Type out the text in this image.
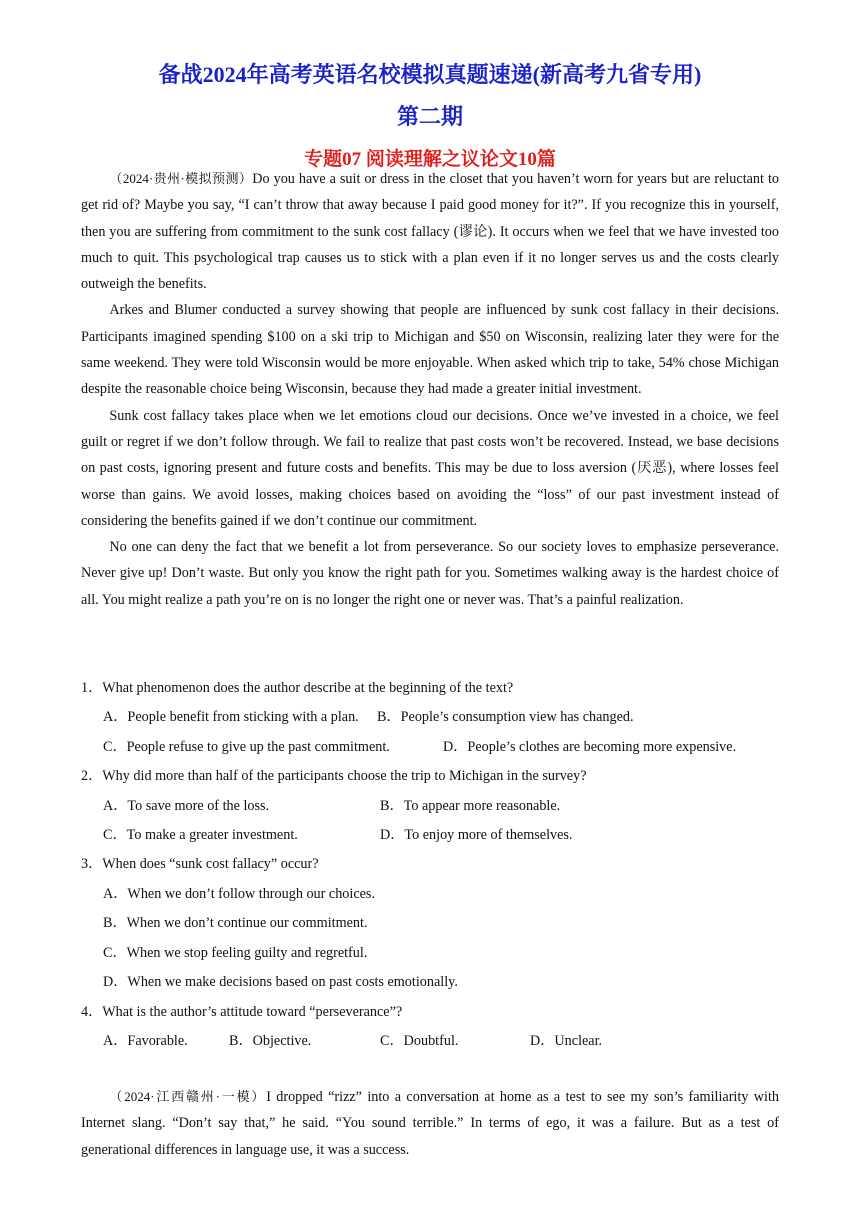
备战2024年高考英语名校模拟真题速递(新高考九省专用)
第二期
专题07 阅读理解之议论文10篇

（2024·贵州·模拟预测）Do you have a suit or dress in the closet that you haven’t worn for years but are reluctant to get rid of? Maybe you say, “I can’t throw that away because I paid good money for it?”. If you recognize this in yourself, then you are suffering from commitment to the sunk cost fallacy (谬论). It occurs when we feel that we have invested too much to quit. This psychological trap causes us to stick with a plan even if it no longer serves us and the costs clearly outweigh the benefits.

Arkes and Blumer conducted a survey showing that people are influenced by sunk cost fallacy in their decisions. Participants imagined spending $100 on a ski trip to Michigan and $50 on Wisconsin, realizing later they were for the same weekend. They were told Wisconsin would be more enjoyable. When asked which trip to take, 54% chose Michigan despite the reasonable choice being Wisconsin, because they had made a greater initial investment.

Sunk cost fallacy takes place when we let emotions cloud our decisions. Once we’ve invested in a choice, we feel guilt or regret if we don’t follow through. We fail to realize that past costs won’t be recovered. Instead, we base decisions on past costs, ignoring present and future costs and benefits. This may be due to loss aversion (厌恶), where losses feel worse than gains. We avoid losses, making choices based on avoiding the “loss” of our past investment instead of considering the benefits gained if we don’t continue our commitment.

No one can deny the fact that we benefit a lot from perseverance. So our society loves to emphasize perseverance. Never give up! Don’t waste. But only you know the right path for you. Sometimes walking away is the hardest choice of all. You might realize a path you’re on is no longer the right one or never was. That’s a painful realization.

1．What phenomenon does the author describe at the beginning of the text?
A．People benefit from sticking with a plan. B．People’s consumption view has changed.
C．People refuse to give up the past commitment.	D．People’s clothes are becoming more expensive.
2．Why did more than half of the participants choose the trip to Michigan in the survey?
A．To save more of the loss.	B．To appear more reasonable.
C．To make a greater investment.	D．To enjoy more of themselves.
3．When does “sunk cost fallacy” occur?
A．When we don’t follow through our choices.
B．When we don’t continue our commitment.
C．When we stop feeling guilty and regretful.
D．When we make decisions based on past costs emotionally.
4．What is the author’s attitude toward “perseverance”?
A．Favorable.	B．Objective.	C．Doubtful.	D．Unclear.

（2024·江西赣州·一模）I dropped “rizz” into a conversation at home as a test to see my son’s familiarity with Internet slang. “Don’t say that,” he said. “You sound terrible.” In terms of ego, it was a failure. But as a test of generational differences in language use, it was a success.
